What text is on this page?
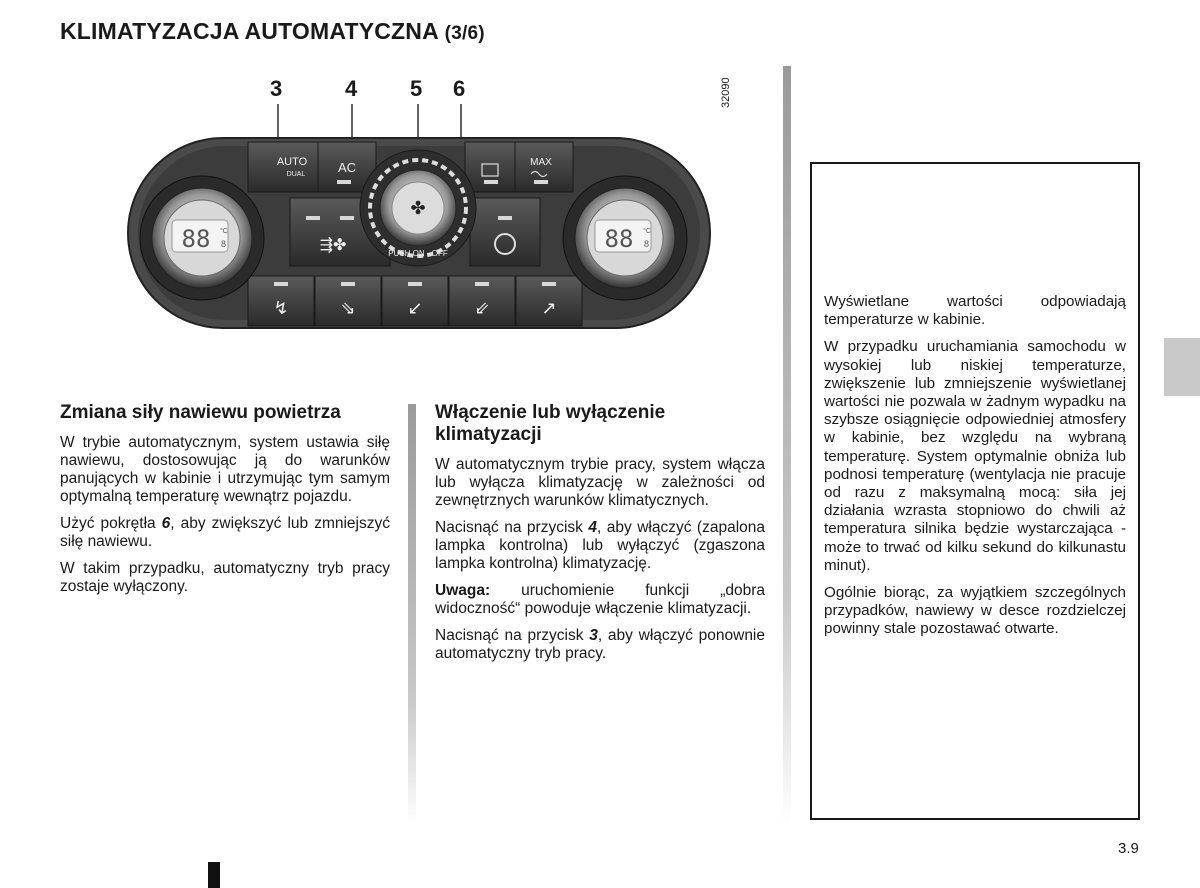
KLIMATYZACJA AUTOMATYCZNA (3/6)
3	4 5 6	32090
AUTO
DUAL	AC	MAX
⇶✤
↯	⇘	↙	⇙	↗
✤
PUSH ON · OFF
88 °C
8	88 °C
8
Zmiana siły nawiewu powietrza

W trybie automatycznym, system ustawia siłę nawiewu, dostosowując ją do warunków panujących w kabinie i utrzymując tym samym optymalną temperaturę wewnątrz pojazdu.

Użyć pokrętła 6, aby zwiększyć lub zmniejszyć siłę nawiewu.

W takim przypadku, automatyczny tryb pracy zostaje wyłączony.

Włączenie lub wyłączenie klimatyzacji

W automatycznym trybie pracy, system włącza lub wyłącza klimatyzację w zależności od zewnętrznych warunków klimatycznych.

Nacisnąć na przycisk 4, aby włączyć (zapalona lampka kontrolna) lub wyłączyć (zgaszona lampka kontrolna) klimatyzację.

Uwaga: uruchomienie funkcji „dobra widoczność“ powoduje włączenie klimatyzacji.

Nacisnąć na przycisk 3, aby włączyć ponownie automatyczny tryb pracy.

Wyświetlane wartości odpowiadają temperaturze w kabinie.

W przypadku uruchamiania samochodu w wysokiej lub niskiej temperaturze, zwiększenie lub zmniejszenie wyświetlanej wartości nie pozwala w żadnym wypadku na szybsze osiągnięcie odpowiedniej atmosfery w kabinie, bez względu na wybraną temperaturę. System optymalnie obniża lub podnosi temperaturę (wentylacja nie pracuje od razu z maksymalną mocą: siła jej działania wzrasta stopniowo do chwili aż temperatura silnika będzie wystarczająca - może to trwać od kilku sekund do kilkunastu minut).

Ogólnie biorąc, za wyjątkiem szczególnych przypadków, nawiewy w desce rozdzielczej powinny stale pozostawać otwarte.

3.9
